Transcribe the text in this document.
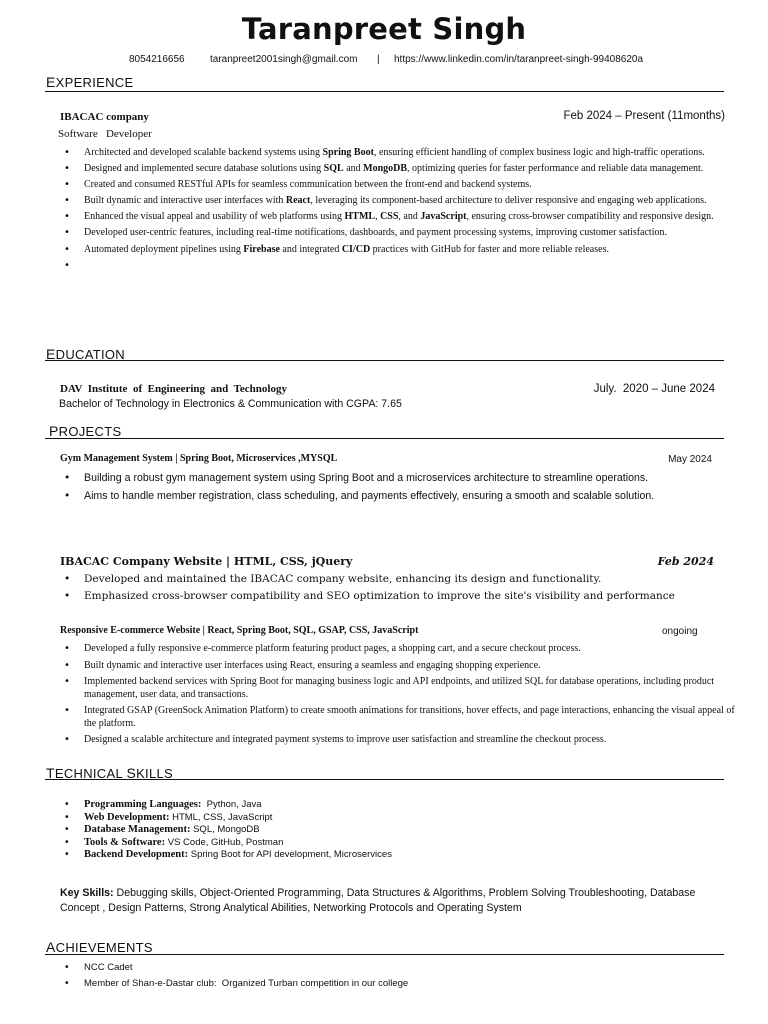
Taranpreet Singh
8054216656	taranpreet2001singh@gmail.com | https://www.linkedin.com/in/taranpreet-singh-99408620a
EXPERIENCE
IBACAC company	Feb 2024 – Present (11months)
Software   Developer
• Architected and developed scalable backend systems using Spring Boot, ensuring efficient handling of complex business logic and high-traffic operations.
• Designed and implemented secure database solutions using SQL and MongoDB, optimizing queries for faster performance and reliable data management.
• Created and consumed RESTful APIs for seamless communication between the front-end and backend systems.
• Built dynamic and interactive user interfaces with React, leveraging its component-based architecture to deliver responsive and engaging web applications.
• Enhanced the visual appeal and usability of web platforms using HTML, CSS, and JavaScript, ensuring cross-browser compatibility and responsive design.
• Developed user-centric features, including real-time notifications, dashboards, and payment processing systems, improving customer satisfaction.
• Automated deployment pipelines using Firebase and integrated CI/CD practices with GitHub for faster and more reliable releases.
•
EDUCATION
DAV  Institute  of  Engineering  and  Technology	July.  2020 – June 2024
Bachelor of Technology in Electronics & Communication with CGPA: 7.65
PROJECTS
Gym Management System | Spring Boot, Microservices ,MYSQL	May 2024
• Building a robust gym management system using Spring Boot and a microservices architecture to streamline operations.
• Aims to handle member registration, class scheduling, and payments effectively, ensuring a smooth and scalable solution.
IBACAC Company Website | HTML, CSS, jQuery	Feb 2024
• Developed and maintained the IBACAC company website, enhancing its design and functionality.
• Emphasized cross-browser compatibility and SEO optimization to improve the site's visibility and performance
Responsive E-commerce Website | React, Spring Boot, SQL, GSAP, CSS, JavaScript	ongoing
• Developed a fully responsive e-commerce platform featuring product pages, a shopping cart, and a secure checkout process.
• Built dynamic and interactive user interfaces using React, ensuring a seamless and engaging shopping experience.
• Implemented backend services with Spring Boot for managing business logic and API endpoints, and utilized SQL for database operations, including product management, user data, and transactions.
• Integrated GSAP (GreenSock Animation Platform) to create smooth animations for transitions, hover effects, and page interactions, enhancing the visual appeal of the platform.
• Designed a scalable architecture and integrated payment systems to improve user satisfaction and streamline the checkout process.
TECHNICAL SKILLS
• Programming Languages:  Python, Java
• Web Development: HTML, CSS, JavaScript
• Database Management: SQL, MongoDB
• Tools & Software: VS Code, GitHub, Postman
• Backend Development: Spring Boot for API development, Microservices
Key Skills: Debugging skills, Object-Oriented Programming, Data Structures & Algorithms, Problem Solving Troubleshooting, Database Concept , Design Patterns, Strong Analytical Abilities, Networking Protocols and Operating System
ACHIEVEMENTS
• NCC Cadet
• Member of Shan-e-Dastar club:  Organized Turban competition in our college
